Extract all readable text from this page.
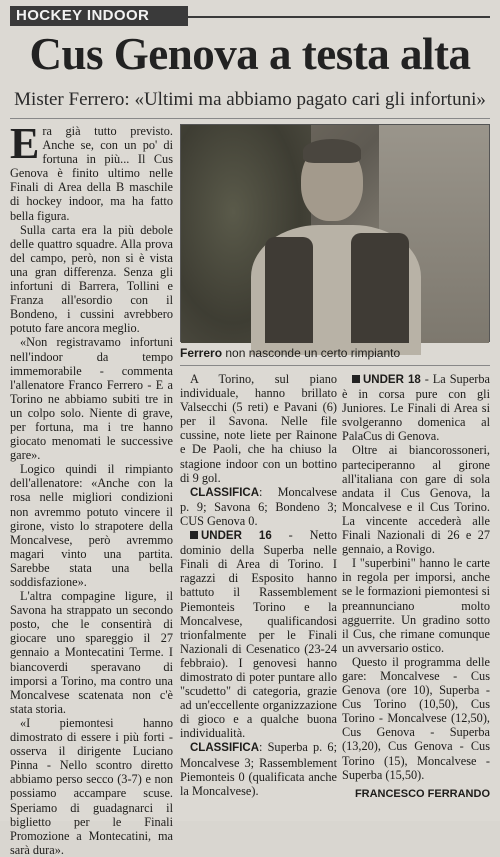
HOCKEY INDOOR
Cus Genova a testa alta
Mister Ferrero: «Ultimi ma abbiamo pagato cari gli infortuni»

Era già tutto previsto. Anche se, con un po' di fortuna in più... Il Cus Genova è finito ultimo nelle Finali di Area della B maschile di hockey indoor, ma ha fatto bella figura.

Sulla carta era la più debole delle quattro squadre. Alla prova del campo, però, non si è vista una gran differenza. Senza gli infortuni di Barrera, Tollini e Franza all'esordio con il Bondeno, i cussini avrebbero potuto fare ancora meglio.

«Non registravamo infortuni nell'indoor da tempo immemorabile - commenta l'allenatore Franco Ferrero - E a Torino ne abbiamo subiti tre in un colpo solo. Niente di grave, per fortuna, ma i tre hanno giocato menomati le successive gare».

Logico quindi il rimpianto dell'allenatore: «Anche con la rosa nelle migliori condizioni non avremmo potuto vincere il girone, visto lo strapotere della Moncalvese, però avremmo magari vinto una partita. Sarebbe stata una bella soddisfazione».

L'altra compagine ligure, il Savona ha strappato un secondo posto, che le consentirà di giocare uno spareggio il 27 gennaio a Montecatini Terme. I biancoverdi speravano di imporsi a Torino, ma contro una Moncalvese scatenata non c'è stata storia.

«I piemontesi hanno dimostrato di essere i più forti - osserva il dirigente Luciano Pinna - Nello scontro diretto abbiamo perso secco (3-7) e non possiamo accampare scuse. Speriamo di guadagnarci il biglietto per le Finali Promozione a Montecatini, ma sarà dura».

Ferrero non nasconde un certo rimpianto

A Torino, sul piano individuale, hanno brillato Valsecchi (5 reti) e Pavani (6) per il Savona. Nelle file cussine, note liete per Rainone e De Paoli, che ha chiuso la stagione indoor con un bottino di 9 gol.

CLASSIFICA: Moncalvese p. 9; Savona 6; Bondeno 3; CUS Genova 0.

UNDER 16 - Netto dominio della Superba nelle Finali di Area di Torino. I ragazzi di Esposito hanno battuto il Rassemblement Piemonteis Torino e la Moncalvese, qualificandosi trionfalmente per le Finali Nazionali di Cesenatico (23-24 febbraio). I genovesi hanno dimostrato di poter puntare allo "scudetto" di categoria, grazie ad un'eccellente organizzazione di gioco e a qualche buona individualità.

CLASSIFICA: Superba p. 6; Moncalvese 3; Rassemblement Piemonteis 0 (qualificata anche la Moncalvese).

UNDER 18 - La Superba è in corsa pure con gli Juniores. Le Finali di Area si svolgeranno domenica al PalaCus di Genova.

Oltre ai biancorossoneri, parteciperanno al girone all'italiana con gare di sola andata il Cus Genova, la Moncalvese e il Cus Torino. La vincente accederà alle Finali Nazionali di 26 e 27 gennaio, a Rovigo.

I "superbini" hanno le carte in regola per imporsi, anche se le formazioni piemontesi si preannunciano molto agguerrite. Un gradino sotto il Cus, che rimane comunque un avversario ostico.

Questo il programma delle gare: Moncalvese - Cus Genova (ore 10), Superba - Cus Torino (10,50), Cus Torino - Moncalvese (12,50), Cus Genova - Superba (13,20), Cus Genova - Cus Torino (15), Moncalvese - Superba (15,50).

FRANCESCO FERRANDO
